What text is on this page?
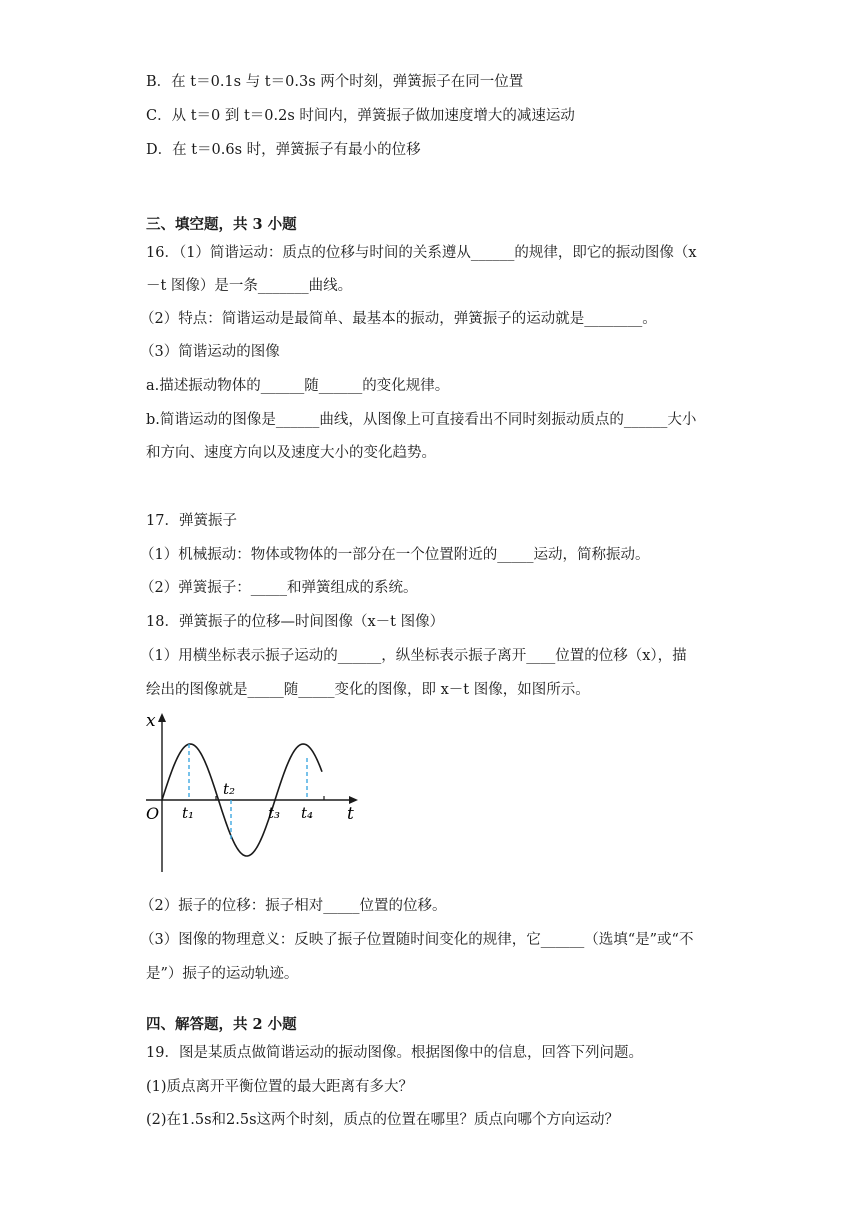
B．在 t＝0.1s 与 t＝0.3s 两个时刻，弹簧振子在同一位置
C．从 t＝0 到 t＝0.2s 时间内，弹簧振子做加速度增大的减速运动
D．在 t＝0.6s 时，弹簧振子有最小的位移
三、填空题，共 3 小题
16．（1）简谐运动：质点的位移与时间的关系遵从______的规律，即它的振动图像（x
－t 图像）是一条_______曲线。
（2）特点：简谐运动是最简单、最基本的振动，弹簧振子的运动就是________。
（3）简谐运动的图像
a.描述振动物体的______随______的变化规律。
b.简谐运动的图像是______曲线，从图像上可直接看出不同时刻振动质点的______大小
和方向、速度方向以及速度大小的变化趋势。
17．弹簧振子
（1）机械振动：物体或物体的一部分在一个位置附近的_____运动，简称振动。
（2）弹簧振子：_____和弹簧组成的系统。
18．弹簧振子的位移—时间图像（x－t 图像）
（1）用横坐标表示振子运动的______，纵坐标表示振子离开____位置的位移（x），描
绘出的图像就是_____随_____变化的图像，即 x－t 图像，如图所示。
x
t
O t₁
t₂
t₃ t₄
（2）振子的位移：振子相对_____位置的位移。
（3）图像的物理意义：反映了振子位置随时间变化的规律，它______（选填“是”或“不
是”）振子的运动轨迹。
四、解答题，共 2 小题
19．图是某质点做简谐运动的振动图像。根据图像中的信息，回答下列问题。
(1)质点离开平衡位置的最大距离有多大？
(2)在1.5s和2.5s这两个时刻，质点的位置在哪里？质点向哪个方向运动？
